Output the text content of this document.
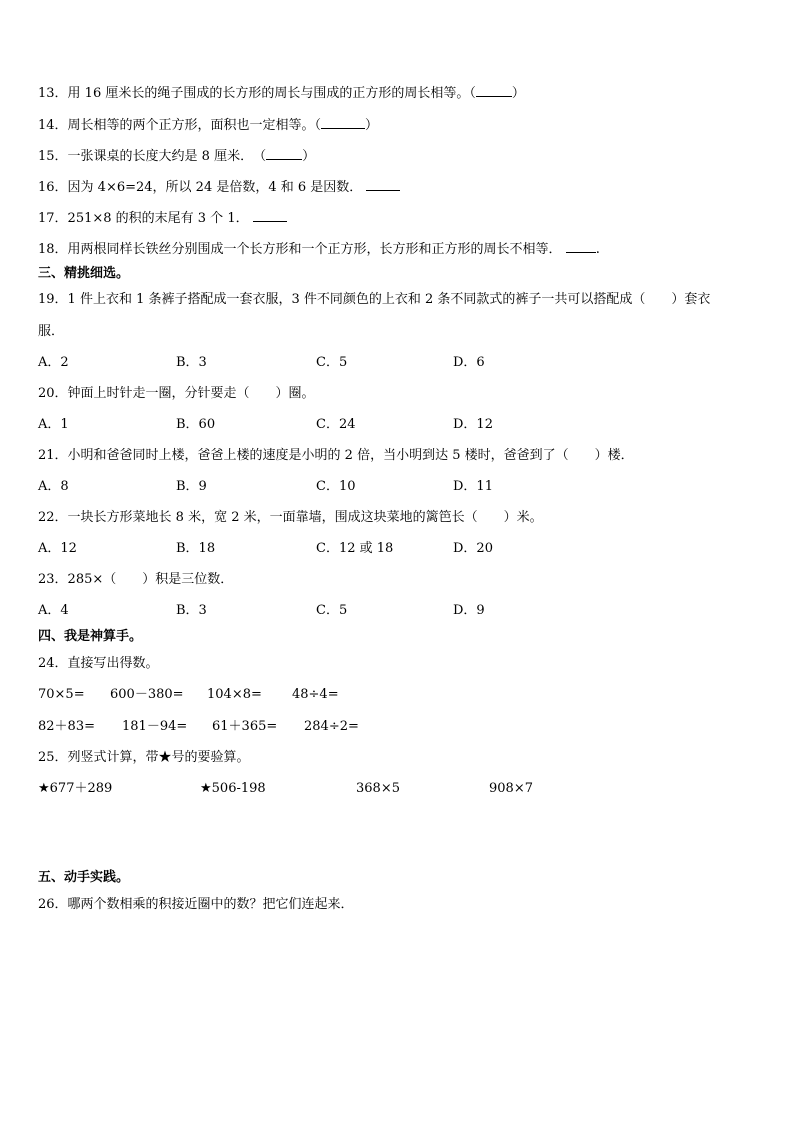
13．用 16 厘米长的绳子围成的长方形的周长与围成的正方形的周长相等。（	）
14．周长相等的两个正方形，面积也一定相等。（	）
15．一张课桌的长度大约是 8 厘米．　（	）
16．因为 4×6=24，所以 24 是倍数，4 和 6 是因数．
17．251×8 的积的末尾有 3 个 1．
18．用两根同样长铁丝分别围成一个长方形和一个正方形，长方形和正方形的周长不相等．	.
三、精挑细选。
19．1 件上衣和 1 条裤子搭配成一套衣服，3 件不同颜色的上衣和 2 条不同款式的裤子一共可以搭配成（　　）套衣
服．
A．2	B．3	C．5	D．6
20．钟面上时针走一圈，分针要走（　　）圈。
A．1	B．60	C．24	D．12
21．小明和爸爸同时上楼，爸爸上楼的速度是小明的 2 倍，当小明到达 5 楼时，爸爸到了（　　）楼．
A．8	B．9	C．10	D．11
22．一块长方形菜地长 8 米，宽 2 米，一面靠墙，围成这块菜地的篱笆长（　　）米。
A．12	B．18	C．12 或 18	D．20
23．285×（　　）积是三位数．
A．4	B．3	C．5	D．9
四、我是神算手。
24．直接写出得数。
70×5= 600－380= 104×8= 48÷4=
82＋83= 181－94= 61＋365= 284÷2=
25．列竖式计算，带★号的要验算。
★677＋289	★506-198	368×5	908×7
五、动手实践。
26．哪两个数相乘的积接近圈中的数？把它们连起来．
